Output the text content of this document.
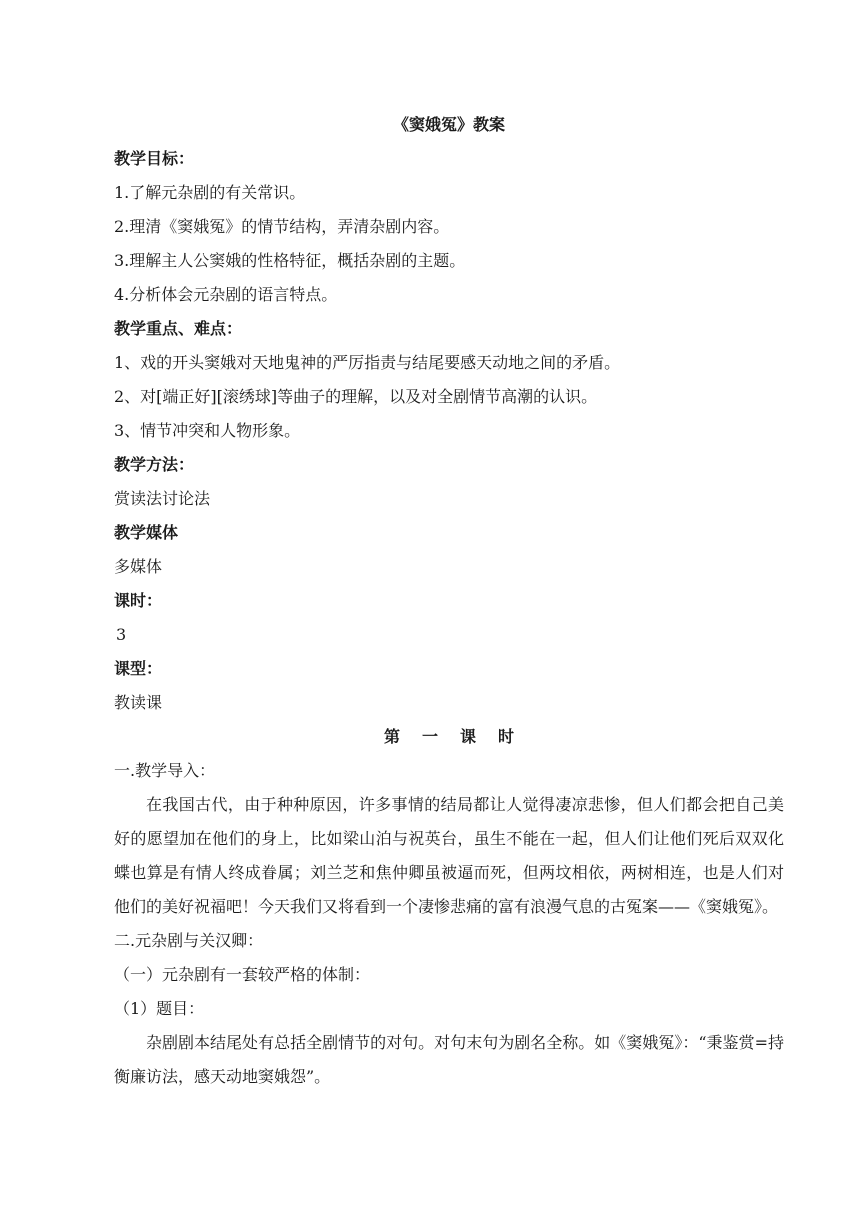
《窦娥冤》教案
教学目标：
1.了解元杂剧的有关常识。
2.理清《窦娥冤》的情节结构，弄清杂剧内容。
3.理解主人公窦娥的性格特征，概括杂剧的主题。
4.分析体会元杂剧的语言特点。
教学重点、难点：
1、戏的开头窦娥对天地鬼神的严厉指责与结尾要感天动地之间的矛盾。
2、对[端正好][滚绣球]等曲子的理解，以及对全剧情节高潮的认识。
3、情节冲突和人物形象。
教学方法：
赏读法讨论法
教学媒体
多媒体
课时：
3
课型：
教读课
第一课时
一.教学导入：

在我国古代，由于种种原因，许多事情的结局都让人觉得凄凉悲惨，但人们都会把自己美好的愿望加在他们的身上，比如梁山泊与祝英台，虽生不能在一起，但人们让他们死后双双化蝶也算是有情人终成眷属；刘兰芝和焦仲卿虽被逼而死，但两坟相依，两树相连，也是人们对他们的美好祝福吧！今天我们又将看到一个凄惨悲痛的富有浪漫气息的古冤案——《窦娥冤》。

二.元杂剧与关汉卿：
（一）元杂剧有一套较严格的体制：
（1）题目：

杂剧剧本结尾处有总括全剧情节的对句。对句末句为剧名全称。如《窦娥冤》：“秉鉴赏=持衡廉访法，感天动地窦娥怨”。
